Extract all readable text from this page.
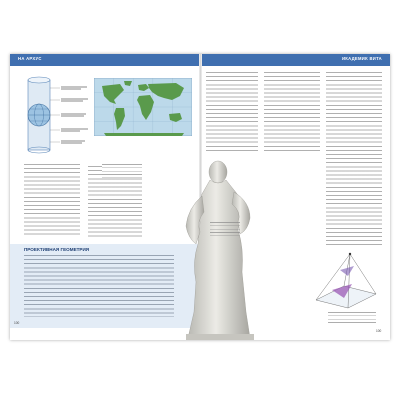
НА АРХУС
ПРОЕКТИВНАЯ ГЕОМЕТРИЯ
100
ИКАДЕМИК ВИТА
100
